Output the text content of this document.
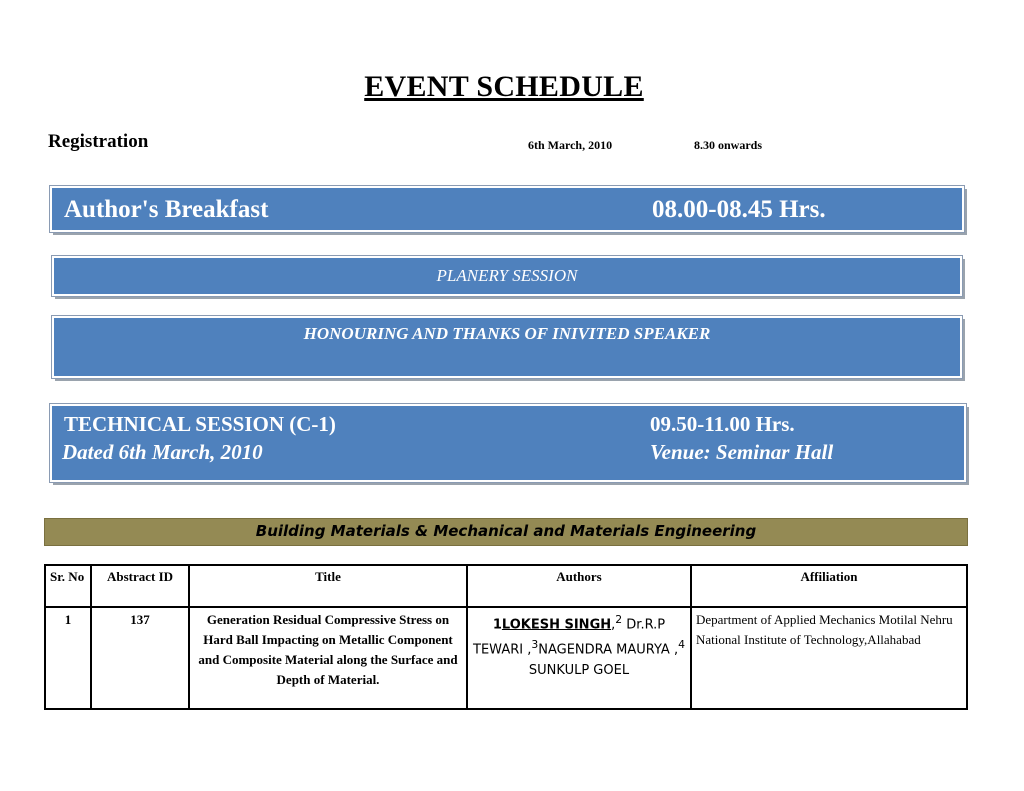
EVENT SCHEDULE
Registration	6th March, 2010	8.30 onwards
Author's Breakfast	08.00-08.45 Hrs.
PLANERY SESSION
HONOURING AND THANKS OF INIVITED SPEAKER
TECHNICAL SESSION (C-1)	09.50-11.00 Hrs.
Dated 6th March, 2010	Venue: Seminar Hall
Building Materials & Mechanical and Materials Engineering
Sr. No	Abstract ID	Title	Authors	Affiliation
1	137	Generation Residual Compressive Stress on Hard Ball Impacting on Metallic Component and Composite Material along the Surface and Depth of Material.	1LOKESH SINGH,$^2$ Dr.R.P TEWARI ,$^3$NAGENDRA MAURYA ,$^4$ SUNKULP GOEL	Department of Applied Mechanics Motilal Nehru National Institute of Technology,Allahabad
